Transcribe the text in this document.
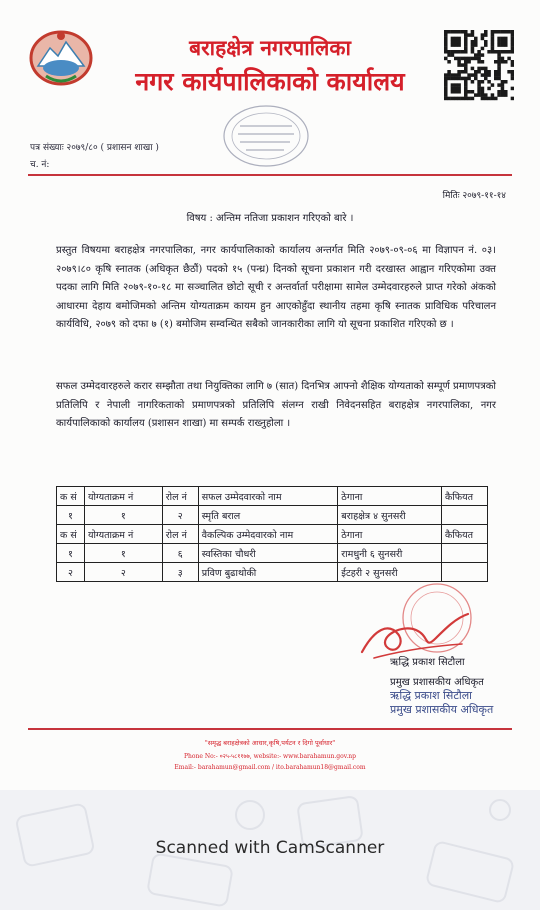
बराहक्षेत्र नगरपालिका
नगर कार्यपालिकाको कार्यालय
पत्र संख्याः २०७९/८० ( प्रशासन शाखा )
च. नं:
मितिः २०७९-११-१४
विषय : अन्तिम नतिजा प्रकाशन गरिएको बारे ।

प्रस्तुत विषयमा बराहक्षेत्र नगरपालिका, नगर कार्यपालिकाको कार्यालय अन्तर्गत मिति २०७९-०९-०६ मा विज्ञापन नं. ०३।२०७९।८० कृषि स्नातक (अधिकृत छैठौं) पदको १५ (पन्ध्र) दिनको सूचना प्रकाशन गरी दरखास्त आह्वान गरिएकोमा उक्त पदका लागि मिति २०७९-१०-१८ मा सञ्चालित छोटो सूची र अन्तर्वार्ता परीक्षामा सामेल उम्मेदवारहरुले प्राप्त गरेको अंकको आधारमा देहाय बमोजिमको अन्तिम योग्यताक्रम कायम हुन आएकोहुँदा स्थानीय तहमा कृषि स्नातक प्राविधिक परिचालन कार्यविधि, २०७९ को दफा ७ (१) बमोजिम सम्वन्धित सबैको जानकारीका लागि यो सूचना प्रकाशित गरिएको छ ।

सफल उम्मेदवारहरुले करार सम्झौता तथा नियुक्तिका लागि ७ (सात) दिनभित्र आफ्नो शैक्षिक योग्यताको सम्पूर्ण प्रमाणपत्रको प्रतिलिपि र नेपाली नागरिकताको प्रमाणपत्रको प्रतिलिपि संलग्न राखी निवेदनसहित बराहक्षेत्र नगरपालिका, नगर कार्यपालिकाको कार्यालय (प्रशासन शाखा) मा सम्पर्क राख्नुहोला ।

क सं	योग्यताक्रम नं	रोल नं	सफल उम्मेदवारको नाम	ठेगाना	कैफियत
१	१	२	स्मृति बराल	बराहक्षेत्र ४ सुनसरी	
क सं	योग्यताक्रम नं	रोल नं	वैकल्पिक उम्मेदवारको नाम	ठेगाना	कैफियत
१	१	६	स्वस्तिका चौधरी	रामधुनी ६ सुनसरी	
२	२	३	प्रविण बुढाथोकी	ईटहरी २ सुनसरी	
ऋद्धि प्रकाश सिटौला
प्रमुख प्रशासकीय अधिकृत
ऋद्धि प्रकाश सिटौला
प्रमुख प्रशासकीय अधिकृत
"समृद्ध बराहक्षेत्रको आधार,कृषि,पर्यटन र दिगो पूर्वाधार"
Phone No:- ०२५-५८११७७, website:- www.barahamun.gov.np
Email:- barahamun@gmail.com / ito.barahamun18@gmail.com
Scanned with CamScanner
